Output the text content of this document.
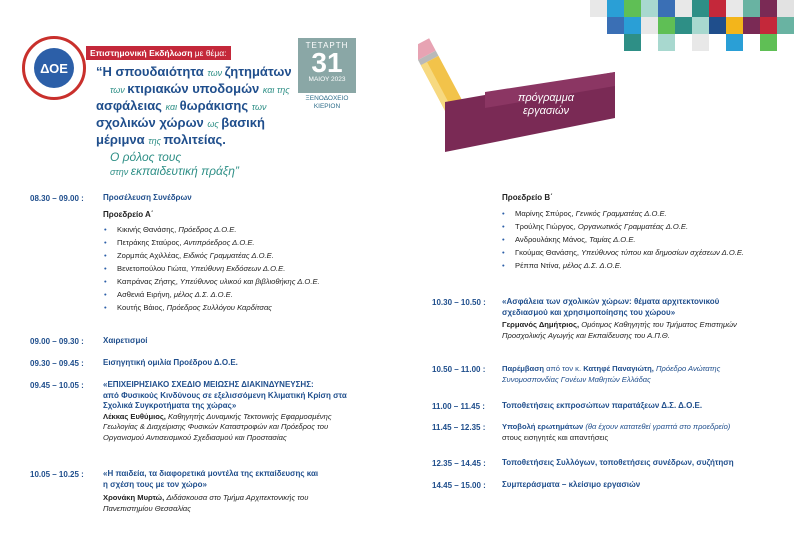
ΔΟΕ
Επιστημονική Εκδήλωση με θέμα:
“Η σπουδαιότητα των ζητημάτων
των κτιριακών υποδομών και της
ασφάλειας και θωράκισης των
σχολικών χώρων ως βασική
μέριμνα της πολιτείας.
Ο ρόλος τους
στην εκπαιδευτική πράξη”
ΤΕΤΑΡΤΗ
31
ΜΑΙΟΥ 2023
ΞΕΝΟΔΟΧΕΙΟ
ΚΙΕΡΙΟΝ
πρόγραμμα
εργασιών
08.30 – 09.00 : Προσέλευση Συνέδρων
Προεδρείο Α΄
• Κικινής Θανάσης, Πρόεδρος Δ.Ο.Ε.
• Πετράκης Σταύρος, Αντιπρόεδρος Δ.Ο.Ε.
• Ζορμπάς Αχιλλέας, Ειδικός Γραμματέας Δ.Ο.Ε.
• Βενετοπούλου Γιώτα, Υπεύθυνη Εκδόσεων Δ.Ο.Ε.
• Καπράνας Ζήσης, Υπεύθυνος υλικού και βιβλιοθήκης Δ.Ο.Ε.
• Ασθενιά Ειρήνη, μέλος Δ.Σ. Δ.Ο.Ε.
• Κουτής Βάιος, Πρόεδρος Συλλόγου Καρδίτσας
09.00 – 09.30 : Χαιρετισμοί
09.30 – 09.45 : Εισηγητική ομιλία Προέδρου Δ.Ο.Ε.
09.45 – 10.05 : «ΕΠΙΧΕΙΡΗΣΙΑΚΟ ΣΧΕΔΙΟ ΜΕΙΩΣΗΣ ΔΙΑΚΙΝΔΥΝΕΥΣΗΣ:
από Φυσικούς Κινδύνους σε εξελισσόμενη Κλιματική Κρίση στα
Σχολικά Συγκροτήματα της χώρας»
Λέκκας Ευθύμιος, Καθηγητής Δυναμικής Τεκτονικής Εφαρμοσμένης
Γεωλογίας & Διαχείρισης Φυσικών Καταστροφών και Πρόεδρος του
Οργανισμού Αντισεισμικού Σχεδιασμού και Προστασίας
10.05 – 10.25 : «Η παιδεία, τα διαφορετικά μοντέλα της εκπαίδευσης και
η σχέση τους με τον χώρο»
Χρονάκη Μυρτώ, Διδάσκουσα στο Τμήμα Αρχιτεκτονικής του
Πανεπιστημίου Θεσσαλίας
Προεδρείο Β΄
• Μαρίνης Σπύρος, Γενικός Γραμματέας Δ.Ο.Ε.
• Τρούλης Γιώργος, Οργανωτικός Γραμματέας Δ.Ο.Ε.
• Ανδρουλάκης Μάνος, Ταμίας Δ.Ο.Ε.
• Γκούμας Θανάσης, Υπεύθυνος τύπου και δημοσίων σχέσεων Δ.Ο.Ε.
• Ρέππα Ντίνα, μέλος Δ.Σ. Δ.Ο.Ε.
10.30 – 10.50 : «Ασφάλεια των σχολικών χώρων: θέματα αρχιτεκτονικού
σχεδιασμού και χρησιμοποίησης του χώρου»
Γερμανός Δημήτριος, Ομότιμος Καθηγητής του Τμήματος Επιστημών
Προσχολικής Αγωγής και Εκπαίδευσης του Α.Π.Θ.
10.50 – 11.00 : Παρέμβαση από τον κ. Κατηφέ Παναγιώτη, Πρόεδρο Ανώτατης
Συνομοσπονδίας Γονέων Μαθητών Ελλάδας
11.00 – 11.45 : Τοποθετήσεις εκπροσώπων παρατάξεων Δ.Σ. Δ.Ο.Ε.
11.45 – 12.35 : Υποβολή ερωτημάτων (θα έχουν κατατεθεί γραπτά στο προεδρείο)
στους εισηγητές και απαντήσεις
12.35 – 14.45 : Τοποθετήσεις Συλλόγων, τοποθετήσεις συνέδρων, συζήτηση
14.45 – 15.00 : Συμπεράσματα – κλείσιμο εργασιών
